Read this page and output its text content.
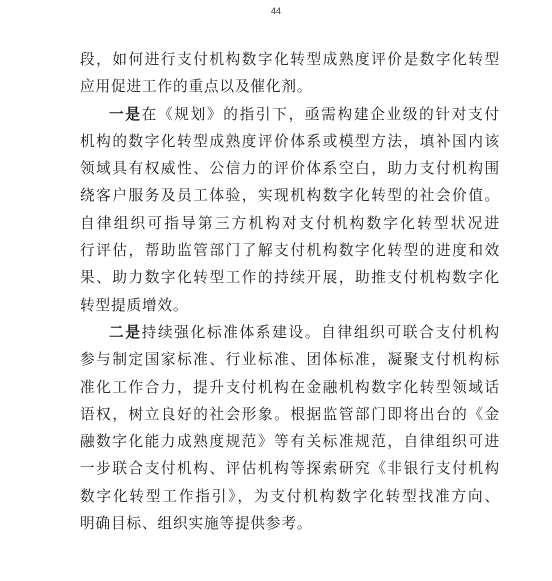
44
段，如何进行支付机构数字化转型成熟度评价是数字化转型
应用促进工作的重点以及催化剂。
一是在《规划》的指引下，亟需构建企业级的针对支付
机构的数字化转型成熟度评价体系或模型方法，填补国内该
领域具有权威性、公信力的评价体系空白，助力支付机构围
绕客户服务及员工体验，实现机构数字化转型的社会价值。
自律组织可指导第三方机构对支付机构数字化转型状况进
行评估，帮助监管部门了解支付机构数字化转型的进度和效
果、助力数字化转型工作的持续开展，助推支付机构数字化
转型提质增效。
二是持续强化标准体系建设。自律组织可联合支付机构
参与制定国家标准、行业标准、团体标准，凝聚支付机构标
准化工作合力，提升支付机构在金融机构数字化转型领域话
语权，树立良好的社会形象。根据监管部门即将出台的《金
融数字化能力成熟度规范》等有关标准规范，自律组织可进
一步联合支付机构、评估机构等探索研究《非银行支付机构
数字化转型工作指引》，为支付机构数字化转型找准方向、
明确目标、组织实施等提供参考。
